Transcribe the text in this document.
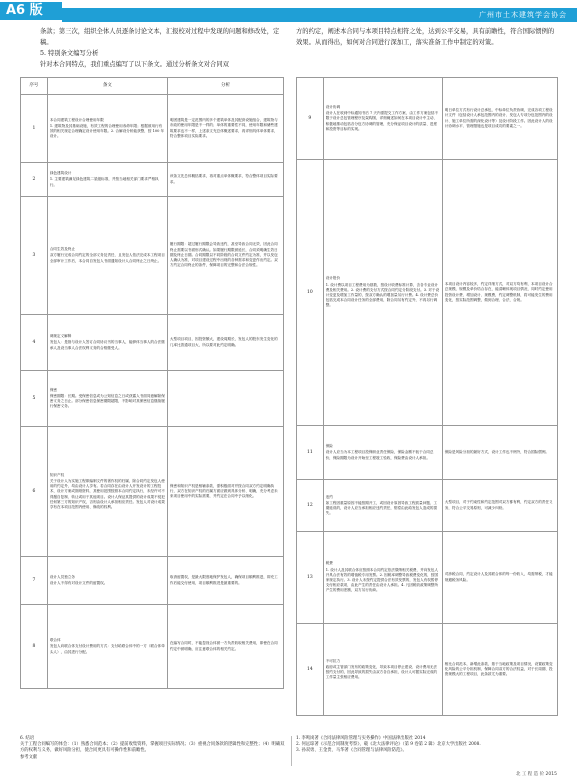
A6 版	广州市土木建筑学会协会

条款；第三次，组织全体人员逐条讨论文本，汇报校对过程中发现的问题和修改处，定稿。

5. 特别条文编写分析

针对本合同特点，我们重点编写了以下条文。通过分析条文对合同双

方的约定，阐述本合同与本项目特点相符之处，达到公平交易，具有前瞻性，符合国际惯例的效果。从而得出，如何对合同进行深加工，落实准备工作中制定的对策。

序号	条文	分析
1	本合同建筑工程设计合理使用年限
1. 建筑物及其基础设施，有效工程的合理使用寿命年限；根据被用行有效的相关规定合理确定设计使用年限。2. 合解设分析能获整，按 100 年设计。	明团建筑是一定范围内的多个建筑单体及其配套设施组合，建筑物与市政的使用年限是不一样的；单体的重要性不同，使用年限和储些建筑要求也不一样，上述条文充总体概述要求，再详细具体单体要求，符合整体项目实际要求。
2	绿色建筑设计
1. 主要建筑满足绿色建筑二星级标准，并按当地相关部门要求严格执行。	该条文先总体概括要求，再对重点单体概要求，符合整体项目实际要求。
3	合同生效及终止
双方履行完成合同约定的全部义务及责任，且发包人依法完成本工程项目全部审计工作后，本合同自发包人书面通知设计人合同终止之日终止。	履行期限：超过履行期限会导致违约，甚至导致合同无效，因此合同终止需要以书面形式确认。如果履行期限被延长，合同须明确生效日期及终止日期。合同期限以不同阶段的合同文件约定为准，并以发包人确认为准，对项目建设过程中出现的各种需求和变更作出约定。双方约定合同终止的条件，保障项目的完整和合法合规性。
4	调规定义解释
发包人：是指与设计人签订合同协议书的当事人，能够体当事人的合法继承人及设当事人合法权利义务的合格继受人。	大型项目项目，因投资额大，建设周期长，发包人的股东发生变化的几率比普通项目大，所以要对此约定明确。
5	保密
保密期限：长期。受保密信息或为公知信息之日或获露人书面同意解除保密义务之日止。部分保密信息保密期限超限，不影响对其保密信息继续履行保密义务。	
6	知识产权
关于设计人为实施工程即编制文件的著作权的归属，除合同约定发包人使用的约定外，均由设计人享有。若合同存在由设计人开发设计的工程技术、设计方案或图纸资料，其使用范围按照本合同约定执行，未经许可不得擅自复制、转让或用于其他项目。设计人保证其提供的设计成果不侵犯任何第三方的知识产权，否则由设计人承担相应责任。发包人对设计成果享有在本项目范围内使用、修改的权利。	保密和知识产权是相辅条款，需积极面对并按合同双方约定明确执行，双方在知识产权的归属方面应做到具体分析、明确，充分考虑未来项目使用中的实际需要，并约定在合同中予以细化。
7	设计人员独立务
设计人不得有对设计文件的留置权。	取消留置权，是最大限度地保护发包人，确保项目顺利推进，即充工作后能交付使用，项目顺利推进是最重要的。
8	联合体
发包人向联合体支付设计费用的方式：支付给联合体中的一方（联合体牵头人），由其进行分配。	在编写合同时，不能忽视合体被一方负责收取相关费用，即使在合同约定中被明确，应注意联合体的相关约定。
9	设计协调
设计人在收到中标通知书后 7 天内需提交工作方案，由工作方案包括不限于设计总包管理程序及架构图，详细阐述如何在本项目设计中主动、积极地推动包括各分包方协调的管理，充分保证项目设计的质量、进度和投资等目标的实现。	明日单位方式有行设计总承包，中标单位负责协调，完成各项工程设计文件（包括设计人承包范围内的设计、发包人专项分包范围内的设计、施工单位所需的深化设计等）及设计阶段工作。因此设计人的设计协调水平、管理措施也是项目成功的要素之一。
10	设计报价
1. 设计费以项目工程费用为基数，按设计收费标准计算，含各专业设计费及相关费用。2. 设计费的支付方式按合同约定分阶段支付。3. 对于设计变更及增加工作量的，按双方确认的增加量另行计费。4. 设计费总价包括完成本合同设计任务的全部费用，除合同另有约定外，不再另行调整。	本项目设计内容较多，约定详细方式，对双方均有利，本项目设计合总规模、规模及单价结合存在，能清晰体现项目情况，同时约定使用投资设计费、增加设计、规模费，约定调整机制，将可能发生的费用变化，按实际范围调整，做到合理、合法、合规。
11	保险
设计人应当为本工程项目投保职业责任保险，保险金额不低于合同总价，保险期限为设计开始至工程竣工验收，保险费由设计人承担。	保险是风险分担的最好方式，设计工作也不例外，符合国际惯例。
12	违约
如工程因重量原因不能按期开工，或因设计原因导致工程质量问题、工期延误的，设计人应当承担相应违约责任，赔偿由此给发包人造成的损失。	大型项目，对于约束性和约定范围对双方都有利，约定双方的责任义务，符合公平交易原则，可减少纠纷。
13	税费
1. 设计人及其联合体应按照本合同约定依法缴纳相关税费，并向发包人开具合法有效的增值税专用发票。2. 因税率调整导致税费变化的，按国家规定执行。3. 设计人未按约定提供合法有效发票的，发包人有权暂停支付相应款项，由此产生的责任由设计人承担。4. 凡因税收政策调整所产生的费用差额，双方另行协商。	对涉税合同，约定设计人及其联合体的每一份收入，均需纳税，才能规避税务风险。
14	不可抗力
政府或主管部门发布的政策变化，导致本项目停止建设、设计费用无法按约支付的，因此导致的损失由双方各自承担，设计人可据实际完成的工作量主张相应费用。	相比合同范本，新增此条款，基于当地政策及项目情况，设置政策变化风险的公平分担机制，保障合同双方的合法权益，对于长周期、投资规模大的工程项目，此条款尤为重要。

6. 结语

关于工程合同编写的体会：（1）熟悉合同范本；（2）提前收集资料，掌握项目实际情况；（3）重视合同条款的逻辑性和完整性；（4）明确双方的权利与义务，做好风险分担，使合同更具有可操作性和前瞻性。

参考文献

1. 李鸣岗著《合同法律风险管理与实务操作》中国法律出版社 2014

2. 何远琼著《示范合同制度考察》，载《北大法律评论》（第 9 卷第 2 辑）北京大学出版社 2008.

3. 孙双勇、王金贵、马华著《合同管理与法律风险防范》。

北 工 程 造 价 2015
